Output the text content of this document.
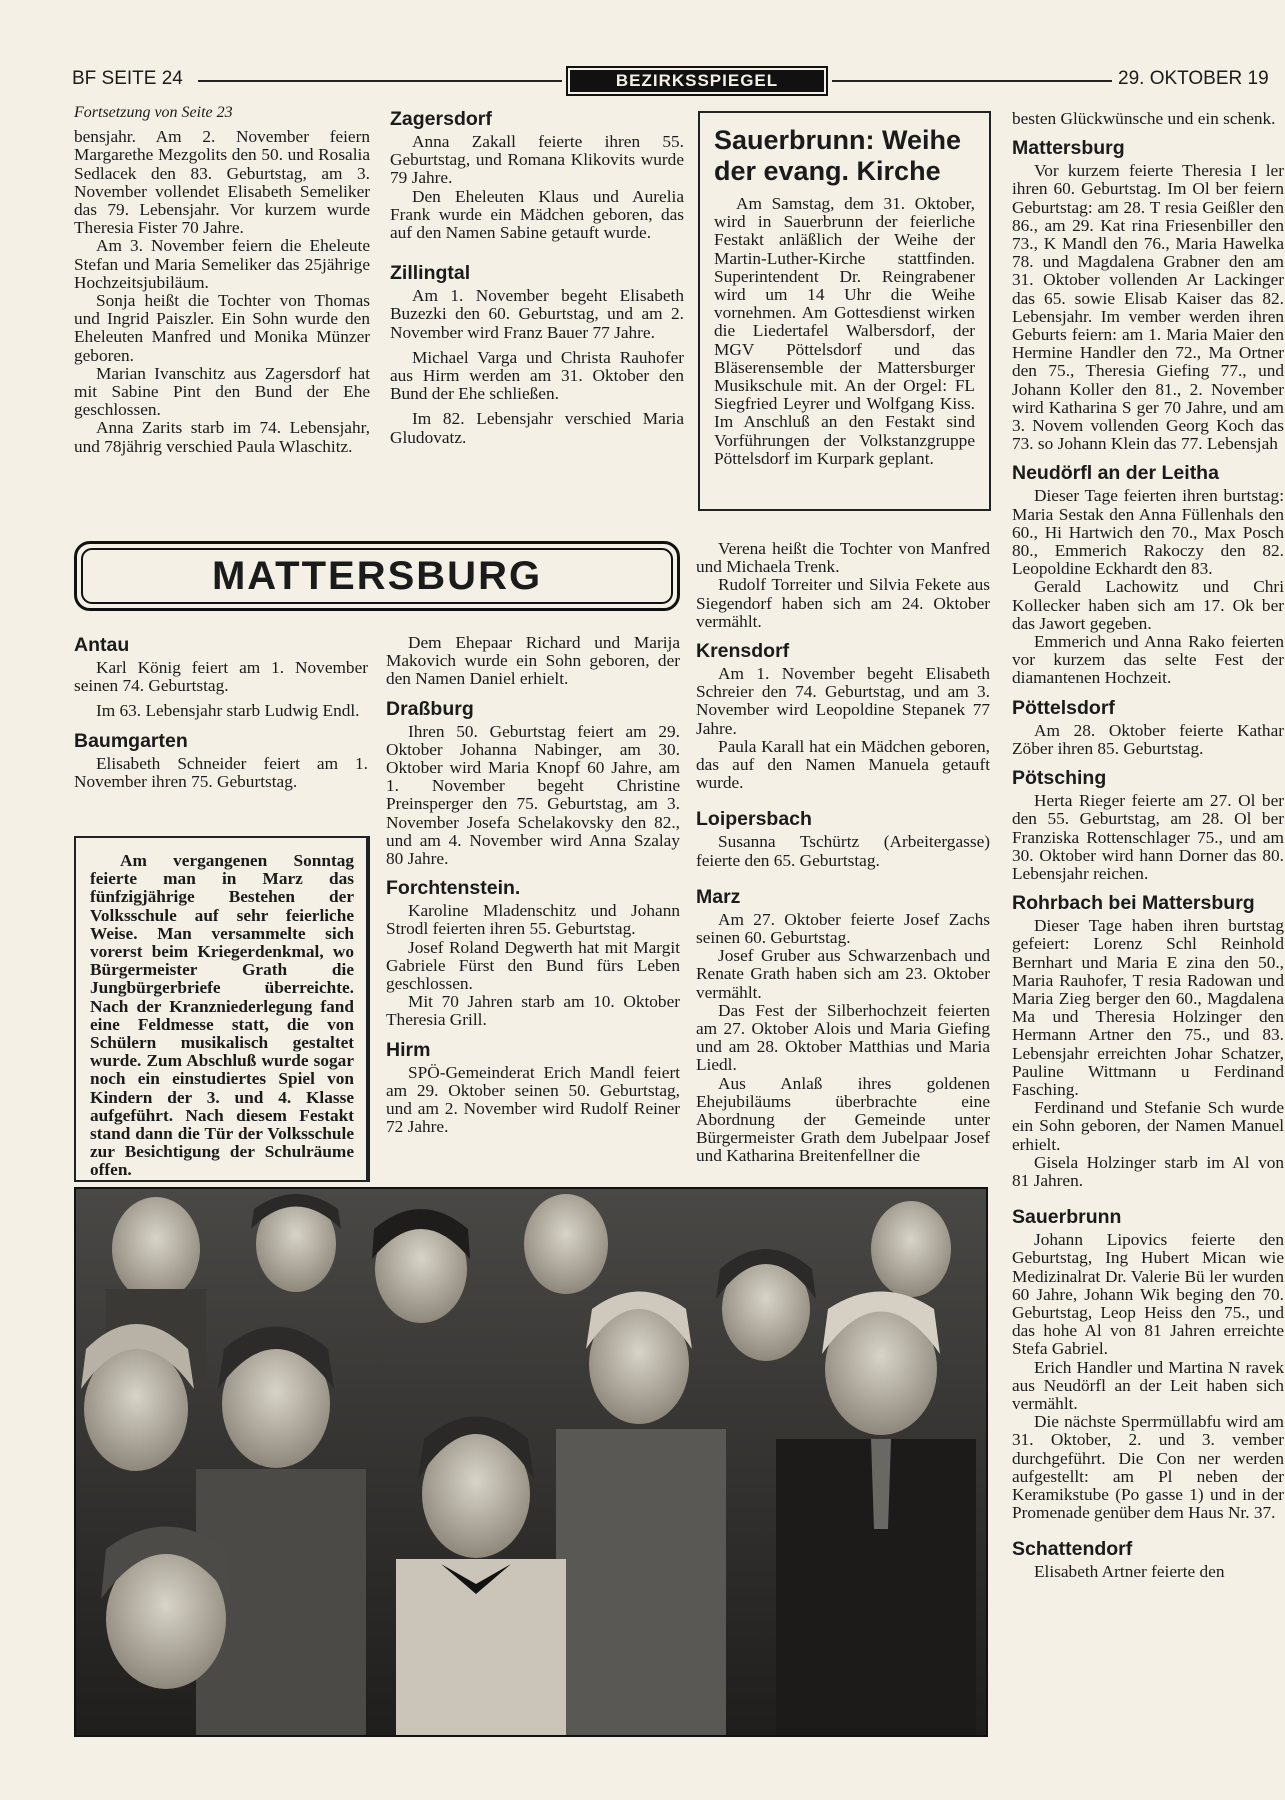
BF SEITE 24	BEZIRKSSPIEGEL	29. OKTOBER 19
Fortsetzung von Seite 23

bensjahr. Am 2. November feiern Margarethe Mezgolits den 50. und Rosalia Sedlacek den 83. Geburtstag, am 3. November vollendet Elisabeth Semeliker das 79. Lebensjahr. Vor kurzem wurde Theresia Fister 70 Jahre.

Am 3. November feiern die Eheleute Stefan und Maria Semeliker das 25jährige Hochzeitsjubiläum.

Sonja heißt die Tochter von Thomas und Ingrid Paiszler. Ein Sohn wurde den Eheleuten Manfred und Monika Münzer geboren.

Marian Ivanschitz aus Zagersdorf hat mit Sabine Pint den Bund der Ehe geschlossen.

Anna Zarits starb im 74. Lebensjahr, und 78jährig verschied Paula Wlaschitz.

Zagersdorf

Anna Zakall feierte ihren 55. Geburtstag, und Romana Klikovits wurde 79 Jahre.

Den Eheleuten Klaus und Aurelia Frank wurde ein Mädchen geboren, das auf den Namen Sabine getauft wurde.

Zillingtal

Am 1. November begeht Elisabeth Buzezki den 60. Geburtstag, und am 2. November wird Franz Bauer 77 Jahre.

Michael Varga und Christa Rauhofer aus Hirm werden am 31. Oktober den Bund der Ehe schließen.

Im 82. Lebensjahr verschied Maria Gludovatz.

Sauerbrunn: Weihe der evang. Kirche

Am Samstag, dem 31. Oktober, wird in Sauerbrunn der feierliche Festakt anläßlich der Weihe der Martin-Luther-Kirche stattfinden. Superintendent Dr. Reingrabener wird um 14 Uhr die Weihe vornehmen. Am Gottesdienst wirken die Liedertafel Walbersdorf, der MGV Pöttelsdorf und das Bläserensemble der Mattersburger Musikschule mit. An der Orgel: FL Siegfried Leyrer und Wolfgang Kiss. Im Anschluß an den Festakt sind Vorführungen der Volkstanzgruppe Pöttelsdorf im Kurpark geplant.

besten Glückwünsche und ein schenk.
Mattersburg

Vor kurzem feierte Theresia I ler ihren 60. Geburtstag. Im Ol ber feiern Geburtstag: am 28. T resia Geißler den 86., am 29. Kat rina Friesenbiller den 73., K Mandl den 76., Maria Hawelka 78. und Magdalena Grabner den am 31. Oktober vollenden Ar Lackinger das 65. sowie Elisab Kaiser das 82. Lebensjahr. Im vember werden ihren Geburts feiern: am 1. Maria Maier den Hermine Handler den 72., Ma Ortner den 75., Theresia Giefing 77., und Johann Koller den 81., 2. November wird Katharina S ger 70 Jahre, und am 3. Novem vollenden Georg Koch das 73. so Johann Klein das 77. Lebensjah

Neudörfl an der Leitha

Dieser Tage feierten ihren burtstag: Maria Sestak den Anna Füllenhals den 60., Hi Hartwich den 70., Max Posch 80., Emmerich Rakoczy den 82. Leopoldine Eckhardt den 83.

Gerald Lachowitz und Chri Kollecker haben sich am 17. Ok ber das Jawort gegeben.

Emmerich und Anna Rako feierten vor kurzem das selte Fest der diamantenen Hochzeit.

Pöttelsdorf

Am 28. Oktober feierte Kathar Zöber ihren 85. Geburtstag.

Pötsching

Herta Rieger feierte am 27. Ol ber den 55. Geburtstag, am 28. Ol ber Franziska Rottenschlager 75., und am 30. Oktober wird hann Dorner das 80. Lebensjahr reichen.

Rohrbach bei Mattersburg

Dieser Tage haben ihren burtstag gefeiert: Lorenz Schl Reinhold Bernhart und Maria E zina den 50., Maria Rauhofer, T resia Radowan und Maria Zieg berger den 60., Magdalena Ma und Theresia Holzinger den Hermann Artner den 75., und 83. Lebensjahr erreichten Johar Schatzer, Pauline Wittmann u Ferdinand Fasching.

Ferdinand und Stefanie Sch wurde ein Sohn geboren, der Namen Manuel erhielt.

Gisela Holzinger starb im Al von 81 Jahren.

Sauerbrunn

Johann Lipovics feierte den Geburtstag, Ing Hubert Mican wie Medizinalrat Dr. Valerie Bü ler wurden 60 Jahre, Johann Wik beging den 70. Geburtstag, Leop Heiss den 75., und das hohe Al von 81 Jahren erreichte Stefa Gabriel.

Erich Handler und Martina N ravek aus Neudörfl an der Leit haben sich vermählt.

Die nächste Sperrmüllabfu wird am 31. Oktober, 2. und 3. vember durchgeführt. Die Con ner werden aufgestellt: am Pl neben der Keramikstube (Po gasse 1) und in der Promenade genüber dem Haus Nr. 37.

Schattendorf

Elisabeth Artner feierte den

MATTERSBURG
Antau

Karl König feiert am 1. November seinen 74. Geburtstag.

Im 63. Lebensjahr starb Ludwig Endl.

Baumgarten

Elisabeth Schneider feiert am 1. November ihren 75. Geburtstag.

Am vergangenen Sonntag feierte man in Marz das fünfzigjährige Bestehen der Volksschule auf sehr feierliche Weise. Man versammelte sich vorerst beim Kriegerdenkmal, wo Bürgermeister Grath die Jungbürgerbriefe überreichte. Nach der Kranzniederlegung fand eine Feldmesse statt, die von Schülern musikalisch gestaltet wurde. Zum Abschluß wurde sogar noch ein einstudiertes Spiel von Kindern der 3. und 4. Klasse aufgeführt. Nach diesem Festakt stand dann die Tür der Volksschule zur Besichtigung der Schulräume offen.

Dem Ehepaar Richard und Marija Makovich wurde ein Sohn geboren, der den Namen Daniel erhielt.

Draßburg

Ihren 50. Geburtstag feiert am 29. Oktober Johanna Nabinger, am 30. Oktober wird Maria Knopf 60 Jahre, am 1. November begeht Christine Preinsperger den 75. Geburtstag, am 3. November Josefa Schelakovsky den 82., und am 4. November wird Anna Szalay 80 Jahre.

Forchtenstein.

Karoline Mladenschitz und Johann Strodl feierten ihren 55. Geburtstag.

Josef Roland Degwerth hat mit Margit Gabriele Fürst den Bund fürs Leben geschlossen.

Mit 70 Jahren starb am 10. Oktober Theresia Grill.

Hirm

SPÖ-Gemeinderat Erich Mandl feiert am 29. Oktober seinen 50. Geburtstag, und am 2. November wird Rudolf Reiner 72 Jahre.

Verena heißt die Tochter von Manfred und Michaela Trenk.

Rudolf Torreiter und Silvia Fekete aus Siegendorf haben sich am 24. Oktober vermählt.

Krensdorf

Am 1. November begeht Elisabeth Schreier den 74. Geburtstag, und am 3. November wird Leopoldine Stepanek 77 Jahre.

Paula Karall hat ein Mädchen geboren, das auf den Namen Manuela getauft wurde.

Loipersbach

Susanna Tschürtz (Arbeitergasse) feierte den 65. Geburtstag.

Marz

Am 27. Oktober feierte Josef Zachs seinen 60. Geburtstag.

Josef Gruber aus Schwarzenbach und Renate Grath haben sich am 23. Oktober vermählt.

Das Fest der Silberhochzeit feierten am 27. Oktober Alois und Maria Giefing und am 28. Oktober Matthias und Maria Liedl.

Aus Anlaß ihres goldenen Ehejubiläums überbrachte eine Abordnung der Gemeinde unter Bürgermeister Grath dem Jubelpaar Josef und Katharina Breitenfellner die
